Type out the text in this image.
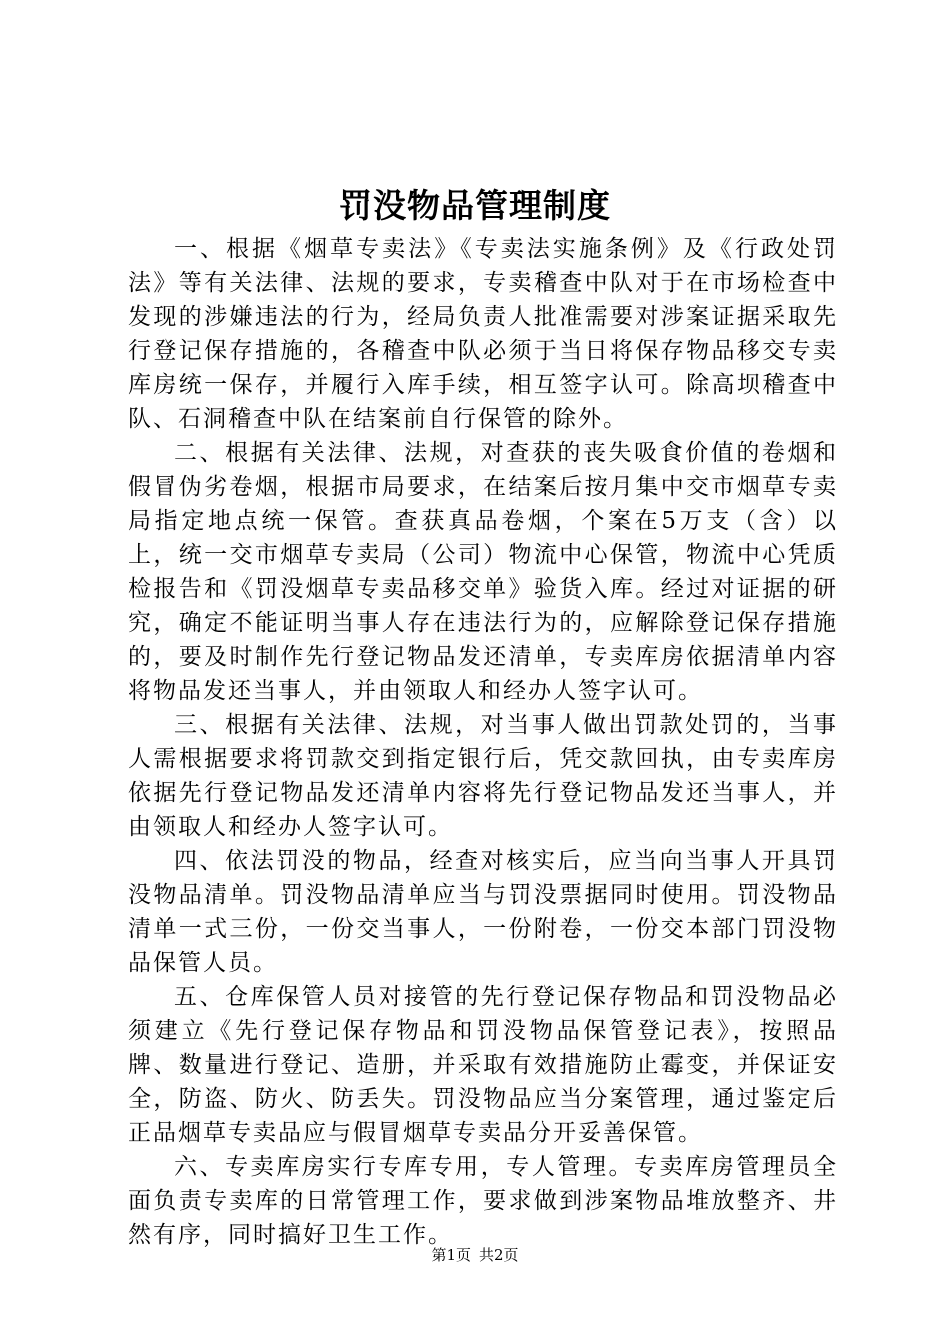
罚没物品管理制度

一、根据《烟草专卖法》《专卖法实施条例》及《行政处罚法》等有关法律、法规的要求，专卖稽查中队对于在市场检查中发现的涉嫌违法的行为，经局负责人批准需要对涉案证据采取先行登记保存措施的，各稽查中队必须于当日将保存物品移交专卖库房统一保存，并履行入库手续，相互签字认可。除高坝稽查中队、石洞稽查中队在结案前自行保管的除外。

二、根据有关法律、法规，对查获的丧失吸食价值的卷烟和假冒伪劣卷烟，根据市局要求，在结案后按月集中交市烟草专卖局指定地点统一保管。查获真品卷烟，个案在5万支（含）以上，统一交市烟草专卖局（公司）物流中心保管，物流中心凭质检报告和《罚没烟草专卖品移交单》验货入库。经过对证据的研究，确定不能证明当事人存在违法行为的，应解除登记保存措施的，要及时制作先行登记物品发还清单，专卖库房依据清单内容将物品发还当事人，并由领取人和经办人签字认可。

三、根据有关法律、法规，对当事人做出罚款处罚的，当事人需根据要求将罚款交到指定银行后，凭交款回执，由专卖库房依据先行登记物品发还清单内容将先行登记物品发还当事人，并由领取人和经办人签字认可。

四、依法罚没的物品，经查对核实后，应当向当事人开具罚没物品清单。罚没物品清单应当与罚没票据同时使用。罚没物品清单一式三份，一份交当事人，一份附卷，一份交本部门罚没物品保管人员。

五、仓库保管人员对接管的先行登记保存物品和罚没物品必须建立《先行登记保存物品和罚没物品保管登记表》，按照品牌、数量进行登记、造册，并采取有效措施防止霉变，并保证安全，防盗、防火、防丢失。罚没物品应当分案管理，通过鉴定后正品烟草专卖品应与假冒烟草专卖品分开妥善保管。

六、专卖库房实行专库专用，专人管理。专卖库房管理员全面负责专卖库的日常管理工作，要求做到涉案物品堆放整齐、井然有序，同时搞好卫生工作。

第1页 共2页
